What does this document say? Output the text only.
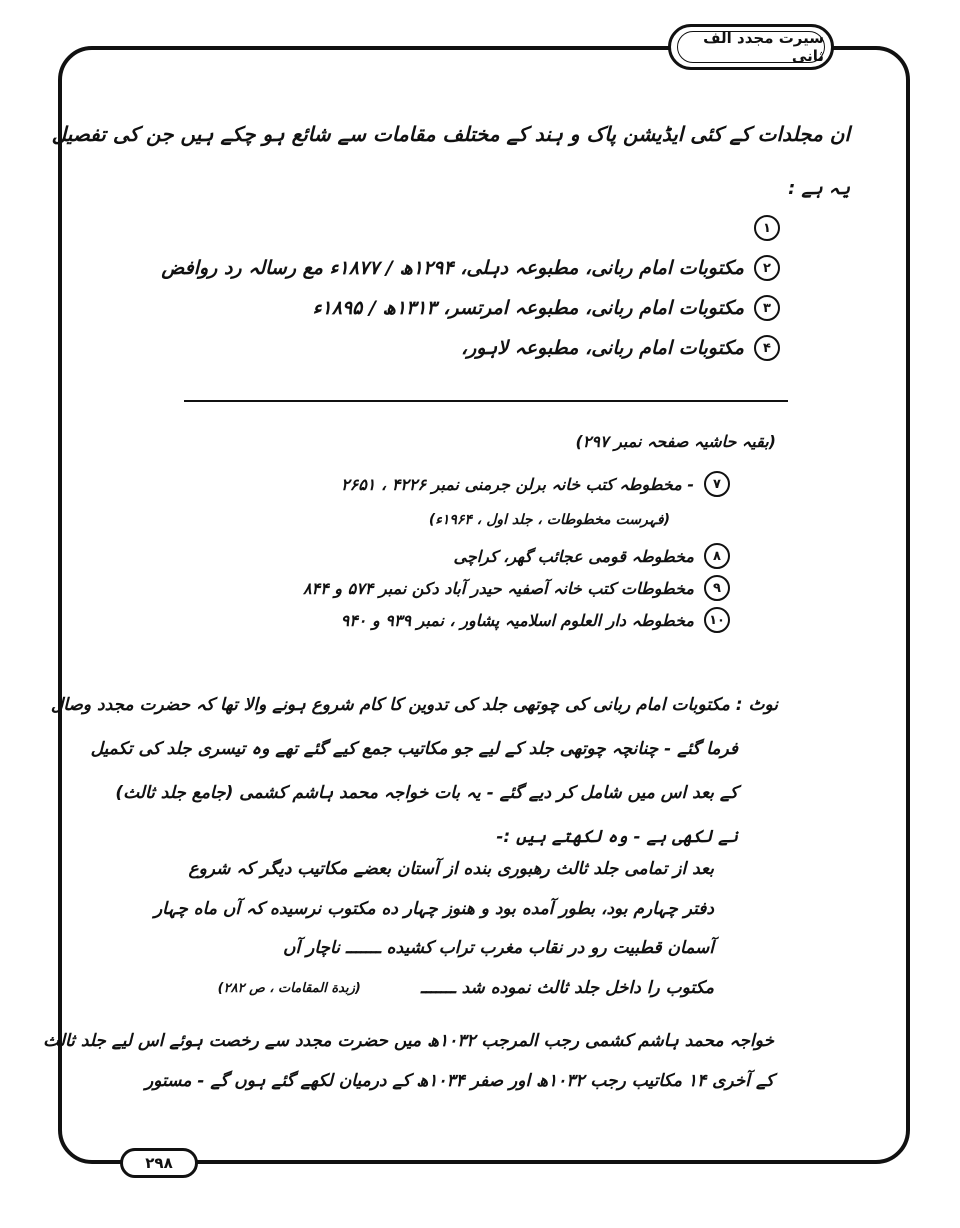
سیرت مجدد الف ثانی
ان مجلدات کے کئی ایڈیشن پاک و ہند کے مختلف مقامات سے شائع ہو چکے ہیں جن کی تفصیل
یہ ہے :
۱
۲
مکتوبات امام ربانی، مطبوعہ دہلی، ۱۲۹۴ھ / ۱۸۷۷ء مع رسالہ رد روافض
۳
مکتوبات امام ربانی، مطبوعہ امرتسر، ۱۳۱۳ھ / ۱۸۹۵ء
۴
مکتوبات امام ربانی، مطبوعہ لاہور،
(بقیہ حاشیہ صفحہ نمبر ۲۹۷)
۷
- مخطوطہ کتب خانہ برلن جرمنی نمبر ۴۲۲۶ ، ۲۶۵۱
(فہرست مخطوطات ، جلد اول ، ۱۹۶۴ء)
۸
مخطوطہ قومی عجائب گھر، کراچی
۹
مخطوطات کتب خانہ آصفیہ حیدر آباد دکن نمبر ۵۷۴ و ۸۴۴
۱۰
مخطوطہ دار العلوم اسلامیہ پشاور ، نمبر ۹۳۹ و ۹۴۰
نوٹ : مکتوبات امام ربانی کی چوتھی جلد کی تدوین کا کام شروع ہونے والا تھا کہ حضرت مجدد وصال
فرما گئے - چنانچہ چوتھی جلد کے لیے جو مکاتیب جمع کیے گئے تھے وہ تیسری جلد کی تکمیل
کے بعد اس میں شامل کر دیے گئے - یہ بات خواجہ محمد ہاشم کشمی (جامع جلد ثالث)
نے لکھی ہے - وہ لکھتے ہیں :-
بعد از تمامی جلد ثالث رهبوری بنده از آستان بعضے مکاتیب دیگر کہ شروع
دفتر چہارم بود، بطور آمده بود و هنوز چہار ده مکتوب نرسیده کہ آں ماه چہار
آسمان قطبیت رو در نقاب مغرب تراب کشیده ـــــــ ناچار آں
مکتوب را داخل جلد ثالث نموده شد ـــــــ
(زبدة المقامات ، ص ۲۸۲)
خواجہ محمد ہاشم کشمی رجب المرجب ۱۰۳۲ھ میں حضرت مجدد سے رخصت ہوئے اس لیے جلد ثالث
کے آخری ۱۴ مکاتیب رجب ۱۰۳۲ھ اور صفر ۱۰۳۴ھ کے درمیان لکھے گئے ہوں گے - مستور
۲۹۸
